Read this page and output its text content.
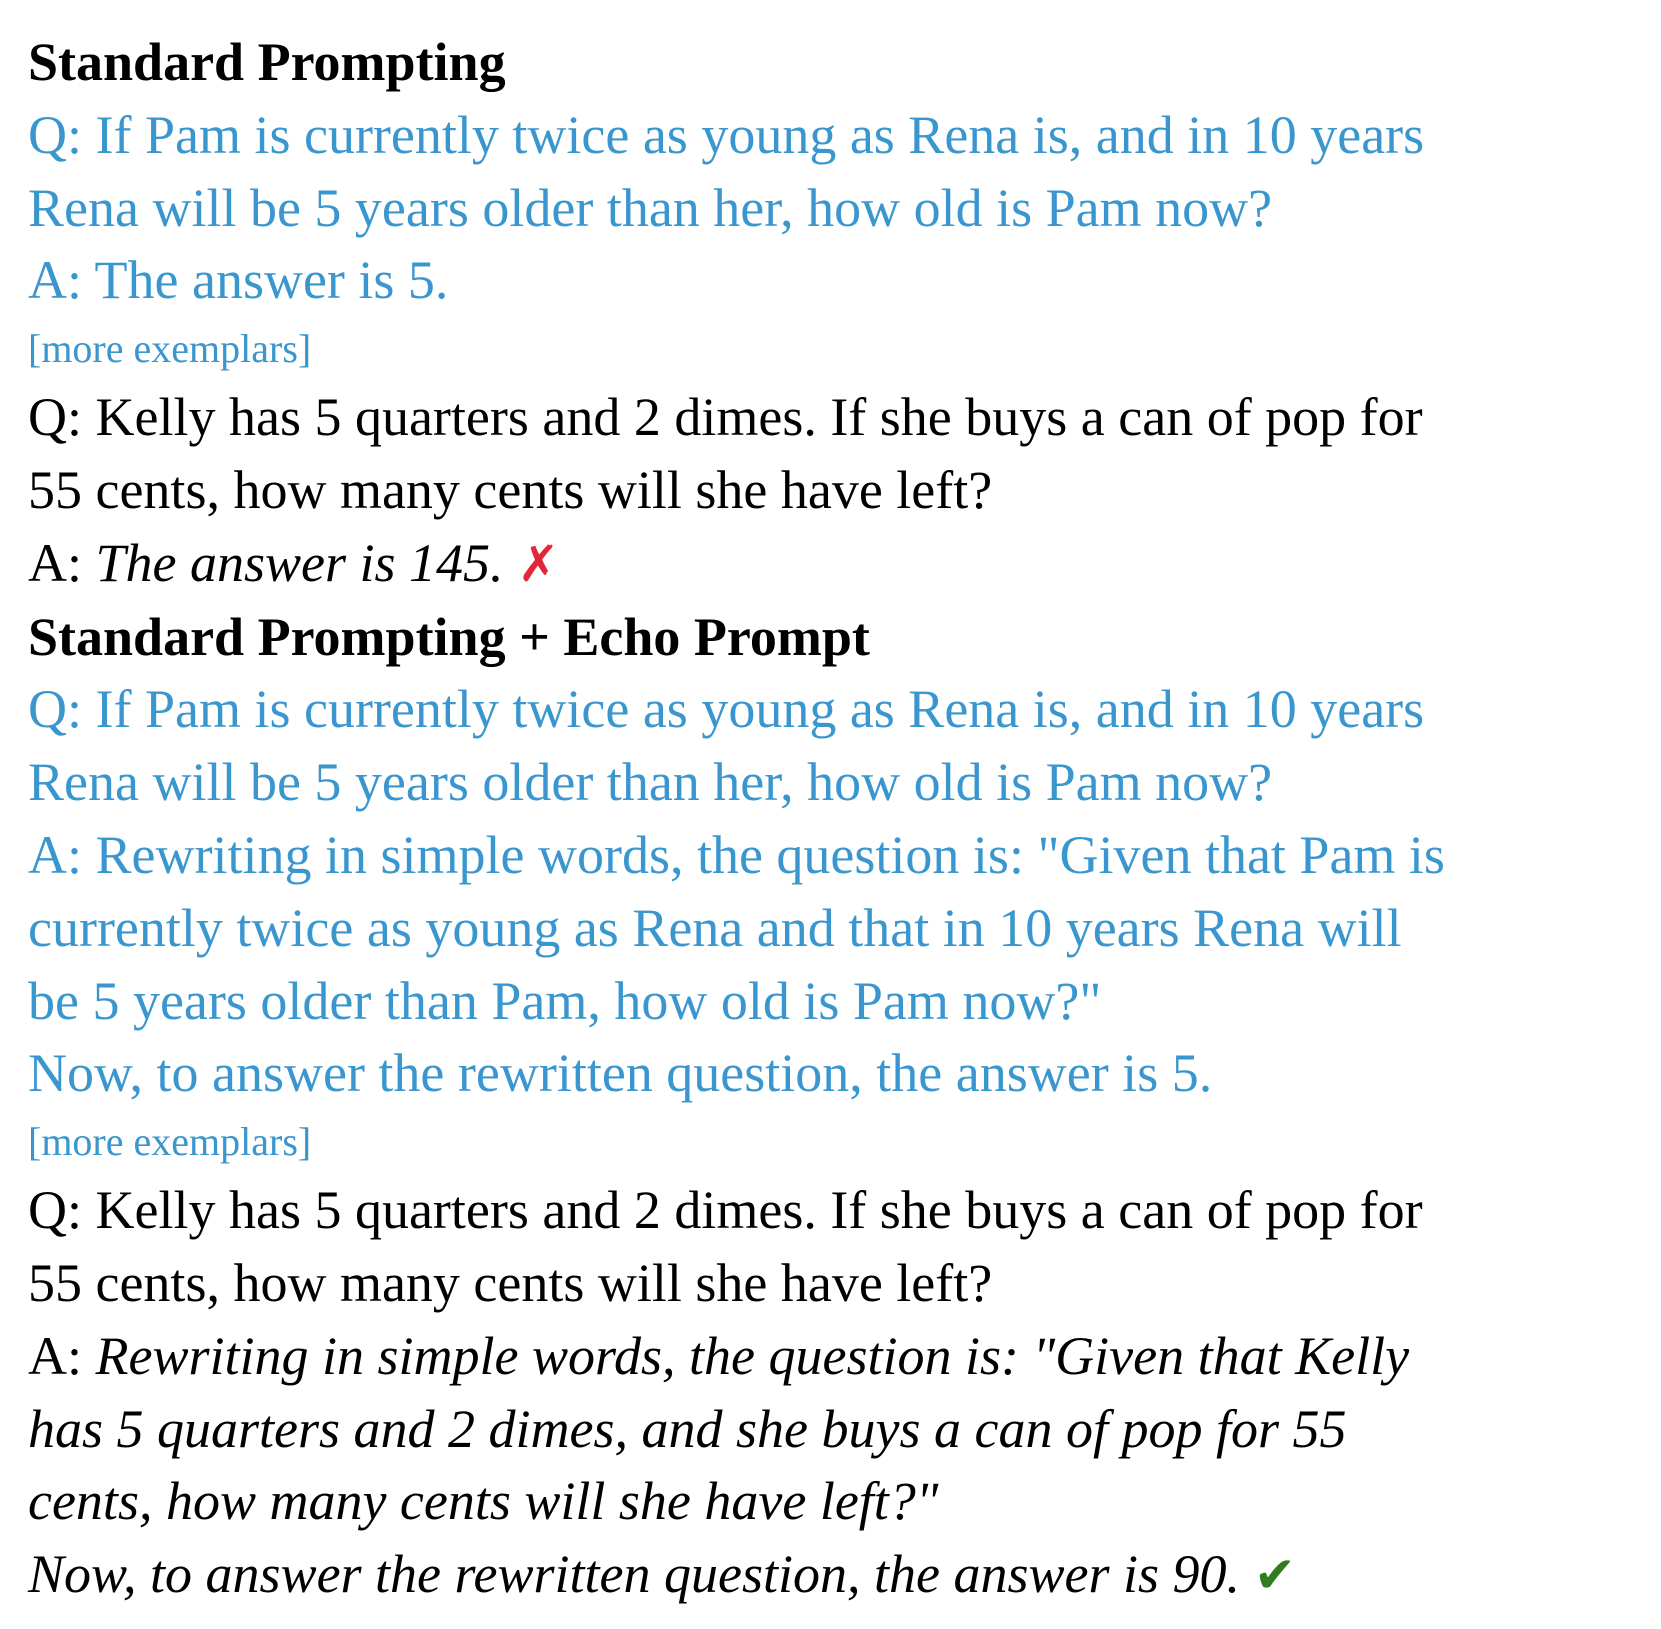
Standard Prompting
Q: If Pam is currently twice as young as Rena is, and in 10 years
Rena will be 5 years older than her, how old is Pam now?
A: The answer is 5.
[more exemplars]
Q: Kelly has 5 quarters and 2 dimes. If she buys a can of pop for
55 cents, how many cents will she have left?
A: The answer is 145. ✗
Standard Prompting + Echo Prompt
Q: If Pam is currently twice as young as Rena is, and in 10 years
Rena will be 5 years older than her, how old is Pam now?
A: Rewriting in simple words, the question is: "Given that Pam is
currently twice as young as Rena and that in 10 years Rena will
be 5 years older than Pam, how old is Pam now?"
Now, to answer the rewritten question, the answer is 5.
[more exemplars]
Q: Kelly has 5 quarters and 2 dimes. If she buys a can of pop for
55 cents, how many cents will she have left?
A: Rewriting in simple words, the question is: "Given that Kelly
has 5 quarters and 2 dimes, and she buys a can of pop for 55
cents, how many cents will she have left?"
Now, to answer the rewritten question, the answer is 90. ✔
